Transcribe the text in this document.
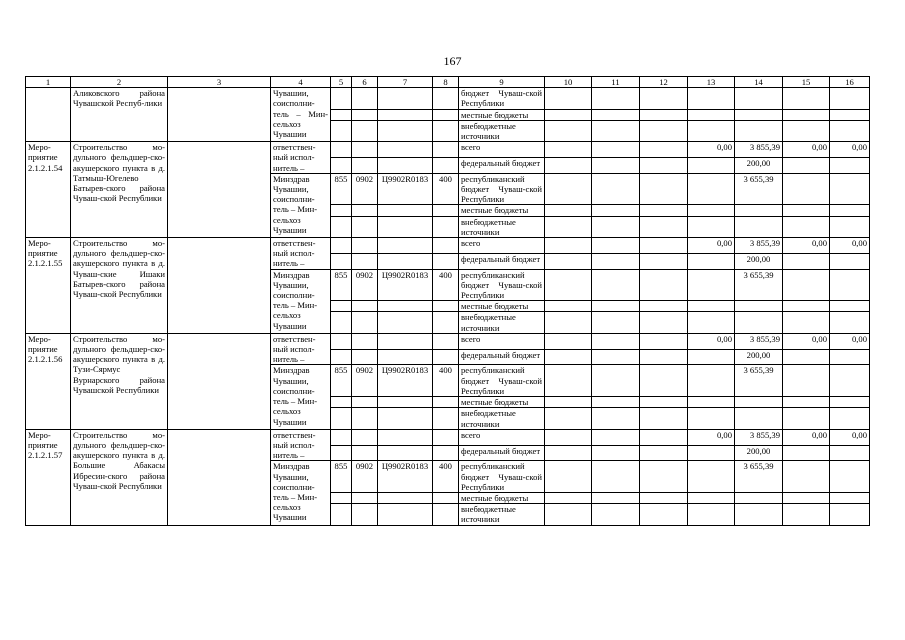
167
1	2	3	4	5	6	7	8	9	10	11	12	13	14	15	16
	Аликовского района Чувашской Респуб-лики		Чувашии, соисполни-тель – Мин-сельхоз Чувашии					бюджет Чуваш-ской Республики							
								местные бюджеты							
								внебюджетные источники							
Меро-приятие 2.1.2.1.54	Строительство мо-дульного фельдшер-ско-акушерского пункта в д. Татмыш-Югелево Батырев-ского района Чуваш-ской Республики		ответствен-
ный испол-
нитель –					всего				0,00	3 855,39	0,00	0,00
								федеральный бюджет					200,00		
			Минздрав Чувашии, соисполни-
тель – Мин-
сельхоз
Чувашии	855	0902	Ц9902R0183	400	республиканский бюджет Чуваш-ской Республики					3 655,39		
								местные бюджеты							
								внебюджетные источники							
Меро-приятие 2.1.2.1.55	Строительство мо-дульного фельдшер-ско-акушерского пункта в д. Чуваш-ские Ишаки Батырев-ского района Чуваш-ской Республики		ответствен-
ный испол-
нитель –					всего				0,00	3 855,39	0,00	0,00
								федеральный бюджет					200,00		
			Минздрав Чувашии, соисполни-
тель – Мин-
сельхоз
Чувашии	855	0902	Ц9902R0183	400	республиканский бюджет Чуваш-ской Республики					3 655,39		
								местные бюджеты							
								внебюджетные источники							
Меро-приятие 2.1.2.1.56	Строительство мо-дульного фельдшер-ско-акушерского пункта в д. Тузи-Сярмус Вурнарского района Чувашской Республики		ответствен-
ный испол-
нитель –					всего				0,00	3 855,39	0,00	0,00
								федеральный бюджет					200,00		
			Минздрав Чувашии, соисполни-
тель – Мин-
сельхоз
Чувашии	855	0902	Ц9902R0183	400	республиканский бюджет Чуваш-ской Республики					3 655,39		
								местные бюджеты							
								внебюджетные источники							
Меро-приятие 2.1.2.1.57	Строительство мо-дульного фельдшер-ско-акушерского пункта в д. Большие Абакасы Ибресин-ского района Чуваш-ской Республики		ответствен-
ный испол-
нитель –					всего				0,00	3 855,39	0,00	0,00
								федеральный бюджет					200,00		
			Минздрав Чувашии, соисполни-
тель – Мин-
сельхоз
Чувашии	855	0902	Ц9902R0183	400	республиканский бюджет Чуваш-ской Республики					3 655,39		
								местные бюджеты							
								внебюджетные источники							
